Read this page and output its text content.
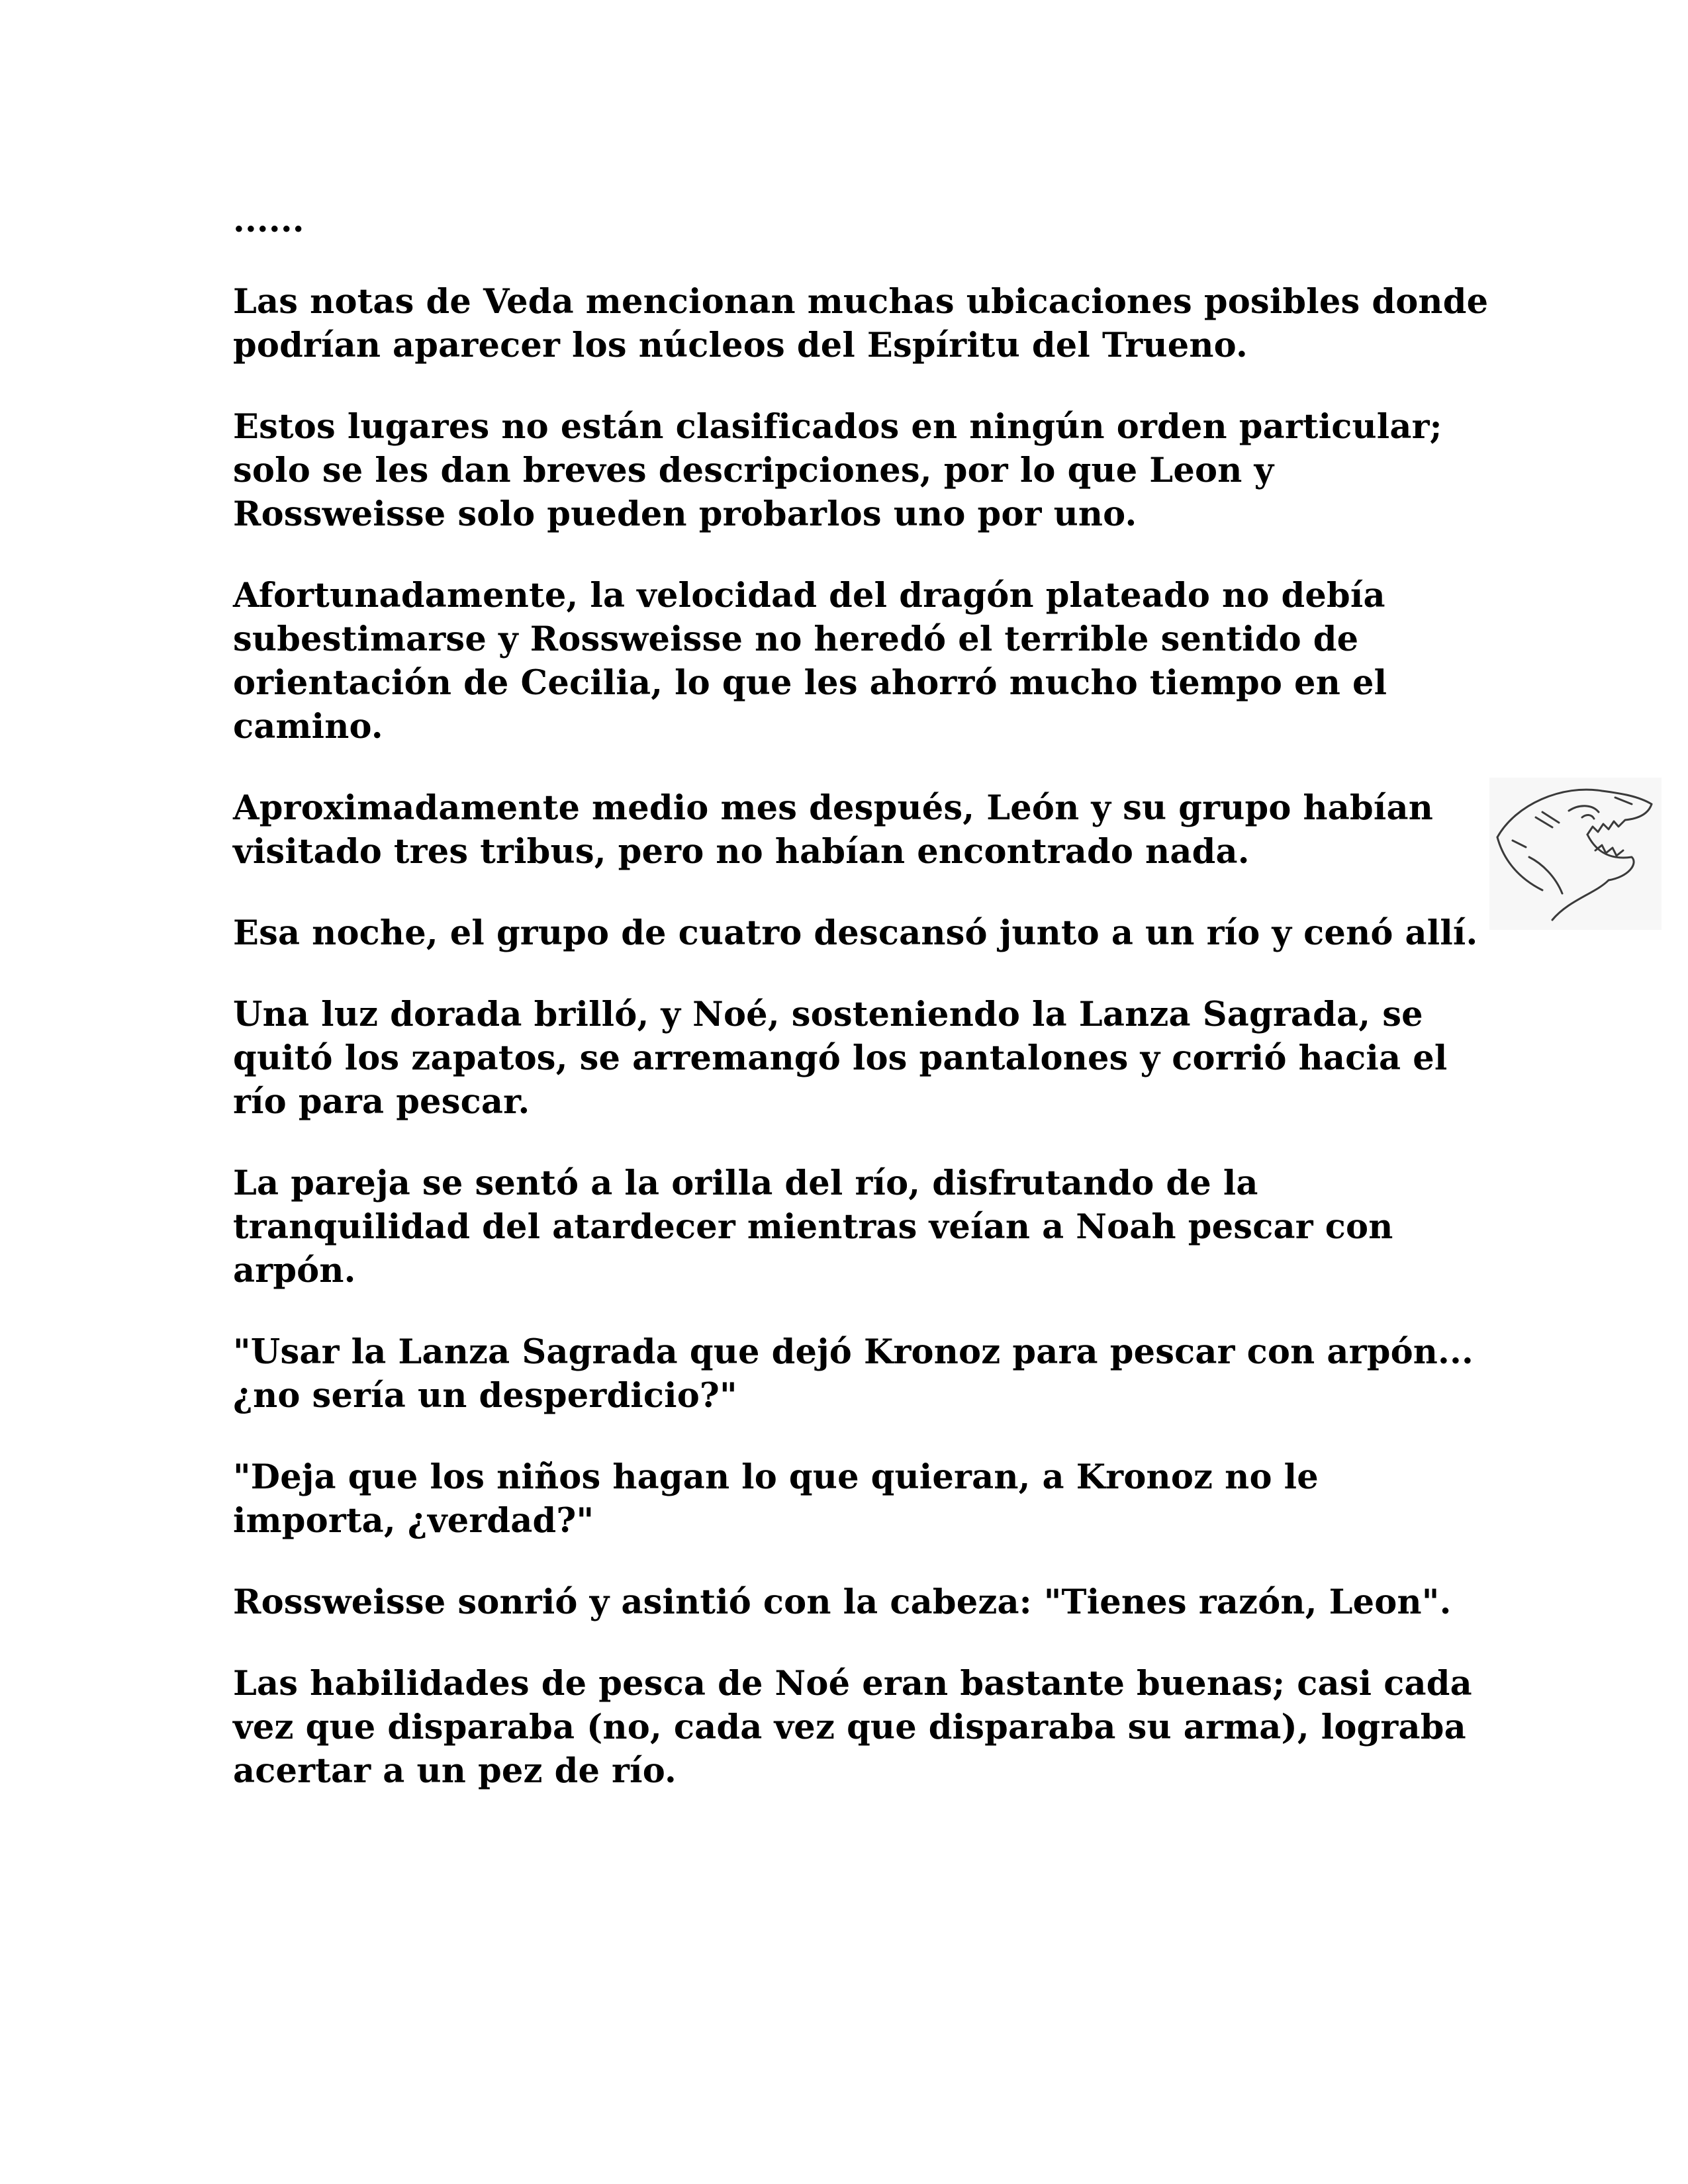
......

Las notas de Veda mencionan muchas ubicaciones posibles donde podrían aparecer los núcleos del Espíritu del Trueno.

Estos lugares no están clasificados en ningún orden particular; solo se les dan breves descripciones, por lo que Leon y Rossweisse solo pueden probarlos uno por uno.

Afortunadamente, la velocidad del dragón plateado no debía subestimarse y Rossweisse no heredó el terrible sentido de orientación de Cecilia, lo que les ahorró mucho tiempo en el camino.

Aproximadamente medio mes después, León y su grupo habían visitado tres tribus, pero no habían encontrado nada.

Esa noche, el grupo de cuatro descansó junto a un río y cenó allí.

Una luz dorada brilló, y Noé, sosteniendo la Lanza Sagrada, se quitó los zapatos, se arremangó los pantalones y corrió hacia el río para pescar.

La pareja se sentó a la orilla del río, disfrutando de la tranquilidad del atardecer mientras veían a Noah pescar con arpón.

"Usar la Lanza Sagrada que dejó Kronoz para pescar con arpón... ¿no sería un desperdicio?"

"Deja que los niños hagan lo que quieran, a Kronoz no le importa, ¿verdad?"

Rossweisse sonrió y asintió con la cabeza: "Tienes razón, Leon".

Las habilidades de pesca de Noé eran bastante buenas; casi cada vez que disparaba (no, cada vez que disparaba su arma), lograba acertar a un pez de río.
